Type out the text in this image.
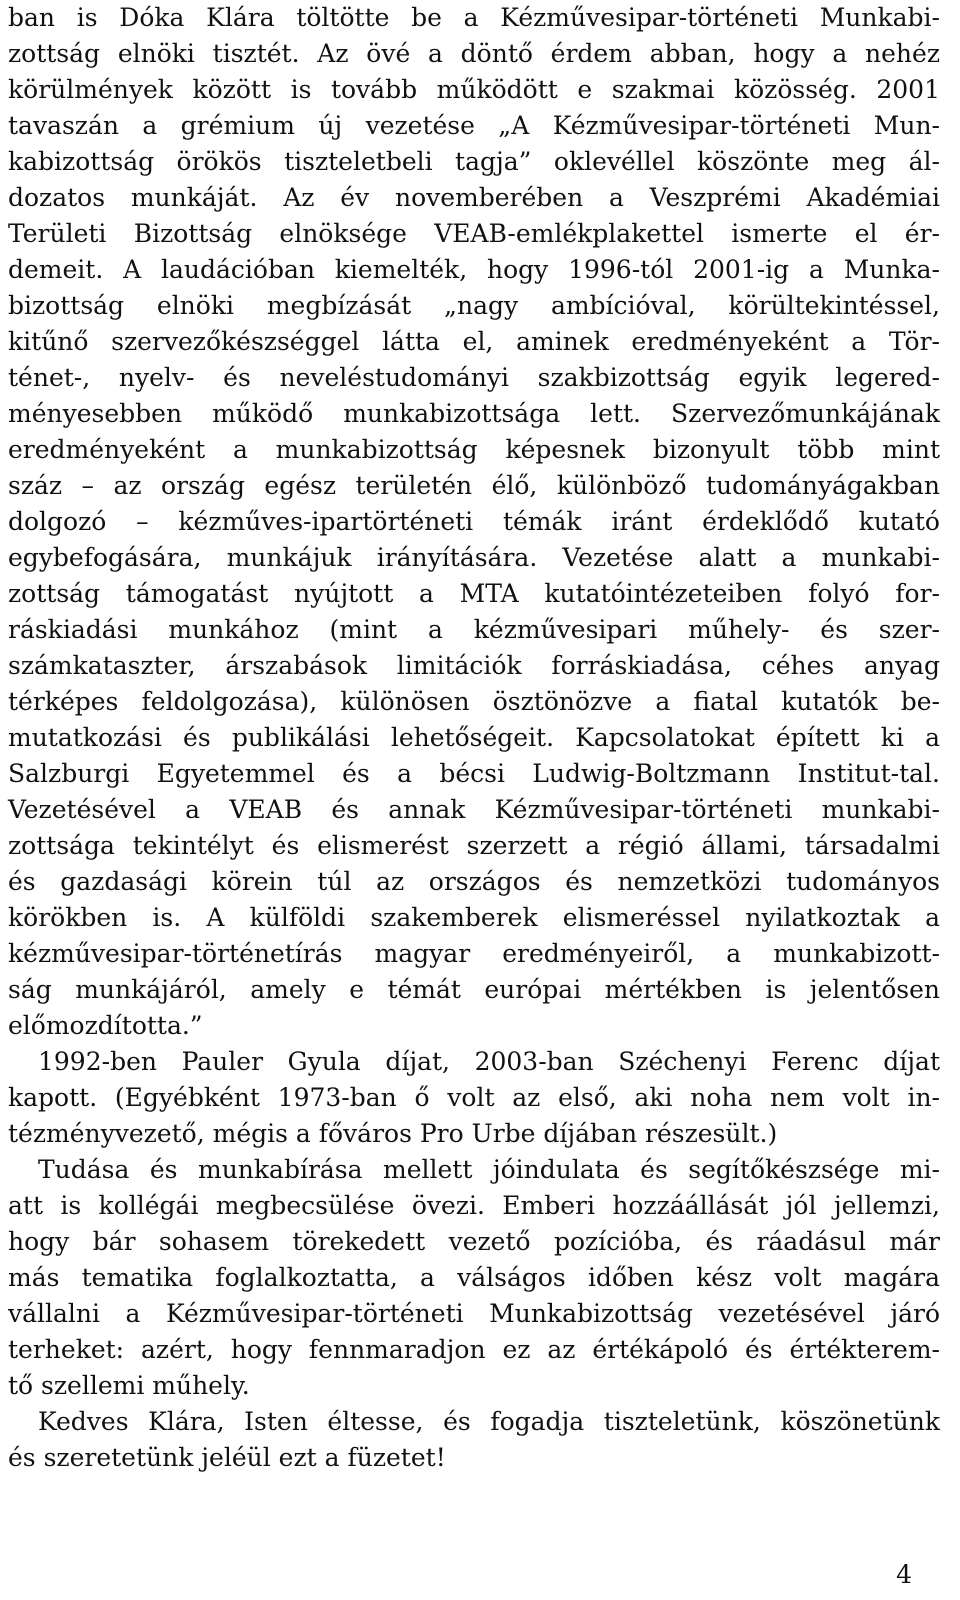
ban is Dóka Klára töltötte be a Kézművesipar-történeti Munkabi-
zottság elnöki tisztét. Az övé a döntő érdem abban, hogy a nehéz
körülmények között is tovább működött e szakmai közösség. 2001
tavaszán a grémium új vezetése „A Kézművesipar-történeti Mun-
kabizottság örökös tiszteletbeli tagja” oklevéllel köszönte meg ál-
dozatos munkáját. Az év novemberében a Veszprémi Akadémiai
Területi Bizottság elnöksége VEAB-emlékplakettel ismerte el ér-
demeit. A laudációban kiemelték, hogy 1996-tól 2001-ig a Munka-
bizottság elnöki megbízását „nagy ambícióval, körültekintéssel,
kitűnő szervezőkészséggel látta el, aminek eredményeként a Tör-
ténet-, nyelv- és neveléstudományi szakbizottság egyik legered-
ményesebben működő munkabizottsága lett. Szervezőmunkájának
eredményeként a munkabizottság képesnek bizonyult több mint
száz – az ország egész területén élő, különböző tudományágakban
dolgozó – kézműves-ipartörténeti témák iránt érdeklődő kutató
egybefogására, munkájuk irányítására. Vezetése alatt a munkabi-
zottság támogatást nyújtott a MTA kutatóintézeteiben folyó for-
ráskiadási munkához (mint a kézművesipari műhely- és szer-
számkataszter, árszabások limitációk forráskiadása, céhes anyag
térképes feldolgozása), különösen ösztönözve a fiatal kutatók be-
mutatkozási és publikálási lehetőségeit. Kapcsolatokat épített ki a
Salzburgi Egyetemmel és a bécsi Ludwig-Boltzmann Institut-tal.
Vezetésével a VEAB és annak Kézművesipar-történeti munkabi-
zottsága tekintélyt és elismerést szerzett a régió állami, társadalmi
és gazdasági körein túl az országos és nemzetközi tudományos
körökben is. A külföldi szakemberek elismeréssel nyilatkoztak a
kézművesipar-történetírás magyar eredményeiről, a munkabizott-
ság munkájáról, amely e témát európai mértékben is jelentősen
előmozdította.”
1992-ben Pauler Gyula díjat, 2003-ban Széchenyi Ferenc díjat
kapott. (Egyébként 1973-ban ő volt az első, aki noha nem volt in-
tézményvezető, mégis a főváros Pro Urbe díjában részesült.)
Tudása és munkabírása mellett jóindulata és segítőkészsége mi-
att is kollégái megbecsülése övezi. Emberi hozzáállását jól jellemzi,
hogy bár sohasem törekedett vezető pozícióba, és ráadásul már
más tematika foglalkoztatta, a válságos időben kész volt magára
vállalni a Kézművesipar-történeti Munkabizottság vezetésével járó
terheket: azért, hogy fennmaradjon ez az értékápoló és értékterem-
tő szellemi műhely.
Kedves Klára, Isten éltesse, és fogadja tiszteletünk, köszönetünk
és szeretetünk jeléül ezt a füzetet!
4
